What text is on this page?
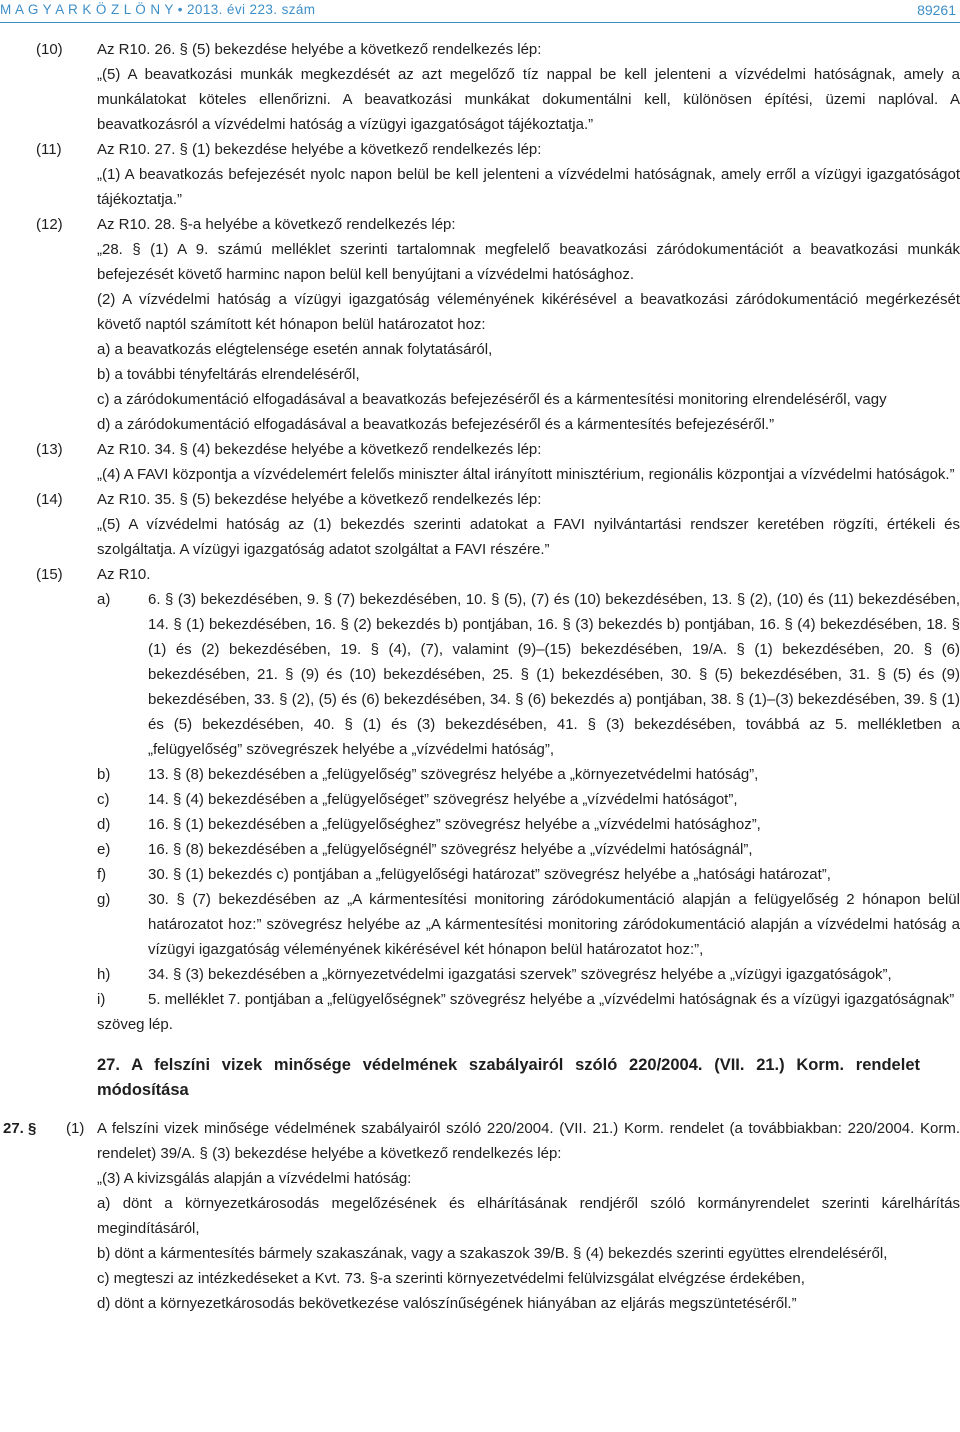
M A G Y A R K Ö Z L Ö N Y • 2013. évi 223. szám	89261
(10) Az R10. 26. § (5) bekezdése helyébe a következő rendelkezés lép:
„(5) A beavatkozási munkák megkezdését az azt megelőző tíz nappal be kell jelenteni a vízvédelmi hatóságnak, amely a munkálatokat köteles ellenőrizni. A beavatkozási munkákat dokumentálni kell, különösen építési, üzemi naplóval. A beavatkozásról a vízvédelmi hatóság a vízügyi igazgatóságot tájékoztatja.”
(11) Az R10. 27. § (1) bekezdése helyébe a következő rendelkezés lép:
„(1) A beavatkozás befejezését nyolc napon belül be kell jelenteni a vízvédelmi hatóságnak, amely erről a vízügyi igazgatóságot tájékoztatja.”
(12) Az R10. 28. §-a helyébe a következő rendelkezés lép:
„28. § (1) A 9. számú melléklet szerinti tartalomnak megfelelő beavatkozási záródokumentációt a beavatkozási munkák befejezését követő harminc napon belül kell benyújtani a vízvédelmi hatósághoz.
(2) A vízvédelmi hatóság a vízügyi igazgatóság véleményének kikérésével a beavatkozási záródokumentáció megérkezését követő naptól számított két hónapon belül határozatot hoz:
a) a beavatkozás elégtelensége esetén annak folytatásáról,
b) a további tényfeltárás elrendeléséről,
c) a záródokumentáció elfogadásával a beavatkozás befejezéséről és a kármentesítési monitoring elrendeléséről, vagy
d) a záródokumentáció elfogadásával a beavatkozás befejezéséről és a kármentesítés befejezéséről.”
(13) Az R10. 34. § (4) bekezdése helyébe a következő rendelkezés lép:
„(4) A FAVI központja a vízvédelemért felelős miniszter által irányított minisztérium, regionális központjai a vízvédelmi hatóságok.”
(14) Az R10. 35. § (5) bekezdése helyébe a következő rendelkezés lép:
„(5) A vízvédelmi hatóság az (1) bekezdés szerinti adatokat a FAVI nyilvántartási rendszer keretében rögzíti, értékeli és szolgáltatja. A vízügyi igazgatóság adatot szolgáltat a FAVI részére.”
(15) Az R10.
a)	6. § (3) bekezdésében, 9. § (7) bekezdésében, 10. § (5), (7) és (10) bekezdésében, 13. § (2), (10) és (11) bekezdésében, 14. § (1) bekezdésében, 16. § (2) bekezdés b) pontjában, 16. § (3) bekezdés b) pontjában, 16. § (4) bekezdésében, 18. § (1) és (2) bekezdésében, 19. § (4), (7), valamint (9)–(15) bekezdésében, 19/A. § (1) bekezdésében, 20. § (6) bekezdésében, 21. § (9) és (10) bekezdésében, 25. § (1) bekezdésében, 30. § (5) bekezdésében, 31. § (5) és (9) bekezdésében, 33. § (2), (5) és (6) bekezdésében, 34. § (6) bekezdés a) pontjában, 38. § (1)–(3) bekezdésében, 39. § (1) és (5) bekezdésében, 40. § (1) és (3) bekezdésében, 41. § (3) bekezdésében, továbbá az 5. mellékletben a „felügyelőség” szövegrészek helyébe a „vízvédelmi hatóság”,
b)	13. § (8) bekezdésében a „felügyelőség” szövegrész helyébe a „környezetvédelmi hatóság”,
c)	14. § (4) bekezdésében a „felügyelőséget” szövegrész helyébe a „vízvédelmi hatóságot”,
d)	16. § (1) bekezdésében a „felügyelőséghez” szövegrész helyébe a „vízvédelmi hatósághoz”,
e)	16. § (8) bekezdésében a „felügyelőségnél” szövegrész helyébe a „vízvédelmi hatóságnál”,
f)	30. § (1) bekezdés c) pontjában a „felügyelőségi határozat” szövegrész helyébe a „hatósági határozat”,
g)	30. § (7) bekezdésében az „A kármentesítési monitoring záródokumentáció alapján a felügyelőség 2 hónapon belül határozatot hoz:” szövegrész helyébe az „A kármentesítési monitoring záródokumentáció alapján a vízvédelmi hatóság a vízügyi igazgatóság véleményének kikérésével két hónapon belül határozatot hoz:”,
h)	34. § (3) bekezdésében a „környezetvédelmi igazgatási szervek” szövegrész helyébe a „vízügyi igazgatóságok”,
i)	5. melléklet 7. pontjában a „felügyelőségnek” szövegrész helyébe a „vízvédelmi hatóságnak és a vízügyi igazgatóságnak”
szöveg lép.
27. A felszíni vizek minősége védelmének szabályairól szóló 220/2004. (VII. 21.) Korm. rendelet módosítása
27. § (1) A felszíni vizek minősége védelmének szabályairól szóló 220/2004. (VII. 21.) Korm. rendelet (a továbbiakban: 220/2004. Korm. rendelet) 39/A. § (3) bekezdése helyébe a következő rendelkezés lép:
„(3) A kivizsgálás alapján a vízvédelmi hatóság:
a) dönt a környezetkárosodás megelőzésének és elhárításának rendjéről szóló kormányrendelet szerinti kárelhárítás megindításáról,
b) dönt a kármentesítés bármely szakaszának, vagy a szakaszok 39/B. § (4) bekezdés szerinti együttes elrendeléséről,
c) megteszi az intézkedéseket a Kvt. 73. §-a szerinti környezetvédelmi felülvizsgálat elvégzése érdekében,
d) dönt a környezetkárosodás bekövetkezése valószínűségének hiányában az eljárás megszüntetéséről.”
